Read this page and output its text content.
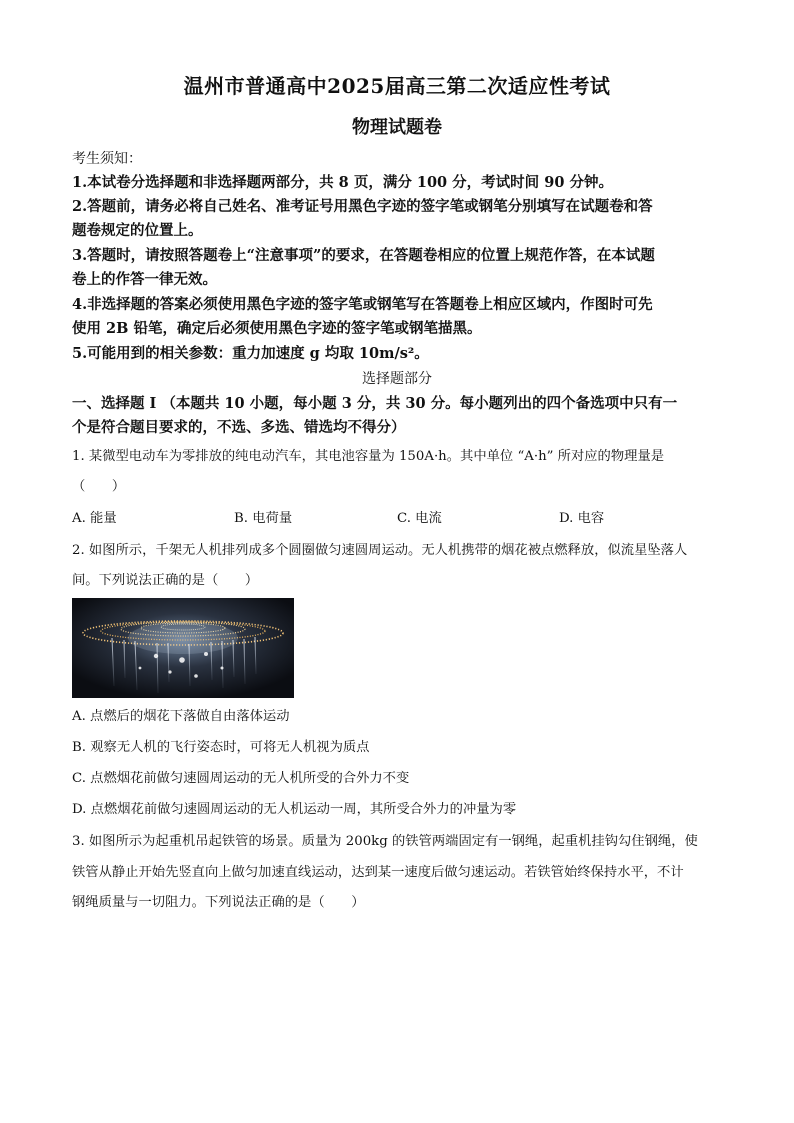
温州市普通高中2025届高三第二次适应性考试
物理试题卷
考生须知：
1.本试卷分选择题和非选择题两部分，共 8 页，满分 100 分，考试时间 90 分钟。
2.答题前，请务必将自己姓名、准考证号用黑色字迹的签字笔或钢笔分别填写在试题卷和答
题卷规定的位置上。
3.答题时，请按照答题卷上“注意事项”的要求，在答题卷相应的位置上规范作答，在本试题
卷上的作答一律无效。
4.非选择题的答案必须使用黑色字迹的签字笔或钢笔写在答题卷上相应区域内，作图时可先
使用 2B 铅笔，确定后必须使用黑色字迹的签字笔或钢笔描黑。
5.可能用到的相关参数：重力加速度 g 均取 10m/s²。
选择题部分
一、选择题 I （本题共 10 小题，每小题 3 分，共 30 分。每小题列出的四个备选项中只有一
个是符合题目要求的，不选、多选、错选均不得分）
1. 某微型电动车为零排放的纯电动汽车，其电池容量为 150A·h。其中单位 “A·h” 所对应的物理量是
（　　）
A. 能量	B. 电荷量	C. 电流	D. 电容
2. 如图所示，千架无人机排列成多个圆圈做匀速圆周运动。无人机携带的烟花被点燃释放，似流星坠落人
间。下列说法正确的是（　　）
A. 点燃后的烟花下落做自由落体运动
B. 观察无人机的飞行姿态时，可将无人机视为质点
C. 点燃烟花前做匀速圆周运动的无人机所受的合外力不变
D. 点燃烟花前做匀速圆周运动的无人机运动一周，其所受合外力的冲量为零
3. 如图所示为起重机吊起铁管的场景。质量为 200kg 的铁管两端固定有一钢绳，起重机挂钩勾住钢绳，使
铁管从静止开始先竖直向上做匀加速直线运动，达到某一速度后做匀速运动。若铁管始终保持水平，不计
钢绳质量与一切阻力。下列说法正确的是（　　）
